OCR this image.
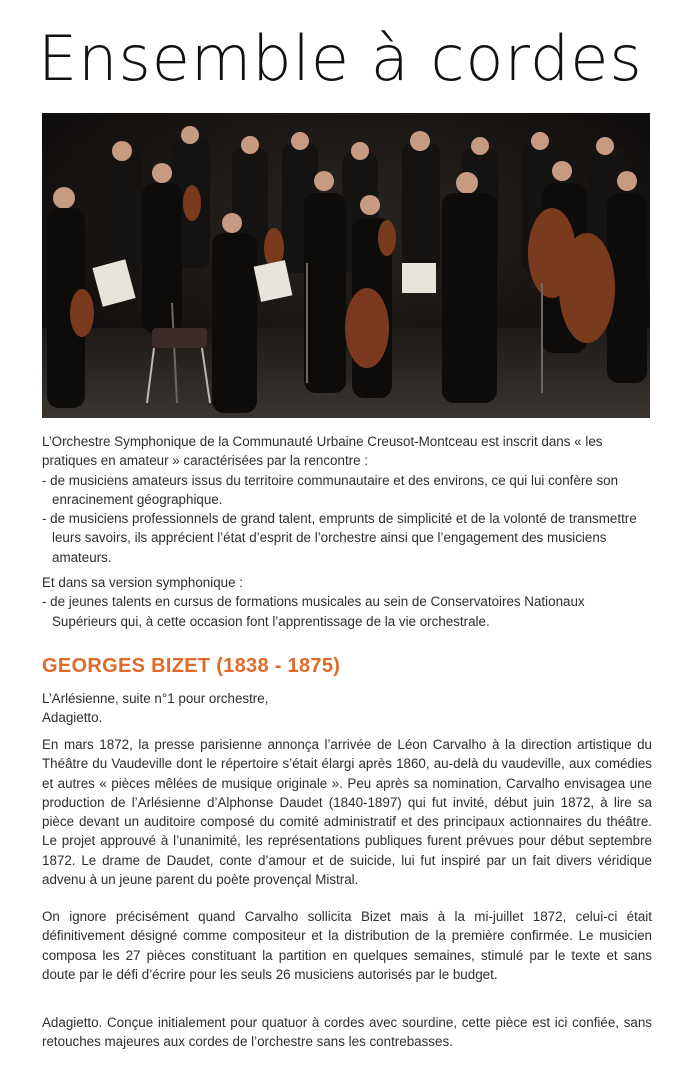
Ensemble à cordes

L’Orchestre Symphonique de la Communauté Urbaine Creusot-Montceau est inscrit dans « les pratiques en amateur » caractérisées par la rencontre :

- de musiciens amateurs issus du territoire communautaire et des environs, ce qui lui confère son enracinement géographique.

- de musiciens professionnels de grand talent, emprunts de simplicité et de la volonté de transmettre leurs savoirs, ils apprécient l’état d’esprit de l’orchestre ainsi que l’engagement des musiciens amateurs.

Et dans sa version symphonique :

- de jeunes talents en cursus de formations musicales au sein de Conservatoires Nationaux Supérieurs qui, à cette occasion font l’apprentissage de la vie orchestrale.

GEORGES BIZET (1838 - 1875)

L’Arlésienne, suite n°1 pour orchestre,

Adagietto.

En mars 1872, la presse parisienne annonça l’arrivée de Léon Carvalho à la direction artistique du Théâtre du Vaudeville dont le répertoire s’était élargi après 1860, au-delà du vaudeville, aux comédies et autres « pièces mêlées de musique originale ». Peu après sa nomination, Carvalho envisagea une production de l’Arlésienne d’Alphonse Daudet (1840-1897) qui fut invité, début juin 1872, à lire sa pièce devant un auditoire composé du comité administratif et des principaux actionnaires du théâtre. Le projet approuvé à l’unanimité, les représentations publiques furent prévues pour début septembre 1872. Le drame de Daudet, conte d’amour et de suicide, lui fut inspiré par un fait divers véridique advenu à un jeune parent du poète provençal Mistral.
On ignore précisément quand Carvalho sollicita Bizet mais à la mi-juillet 1872, celui-ci était définitivement désigné comme compositeur et la distribution de la première confirmée. Le musicien composa les 27 pièces constituant la partition en quelques semaines, stimulé par le texte et sans doute par le défi d’écrire pour les seuls 26 musiciens autorisés par le budget.
Adagietto. Conçue initialement pour quatuor à cordes avec sourdine, cette pièce est ici confiée, sans retouches majeures aux cordes de l’orchestre sans les contrebasses.
